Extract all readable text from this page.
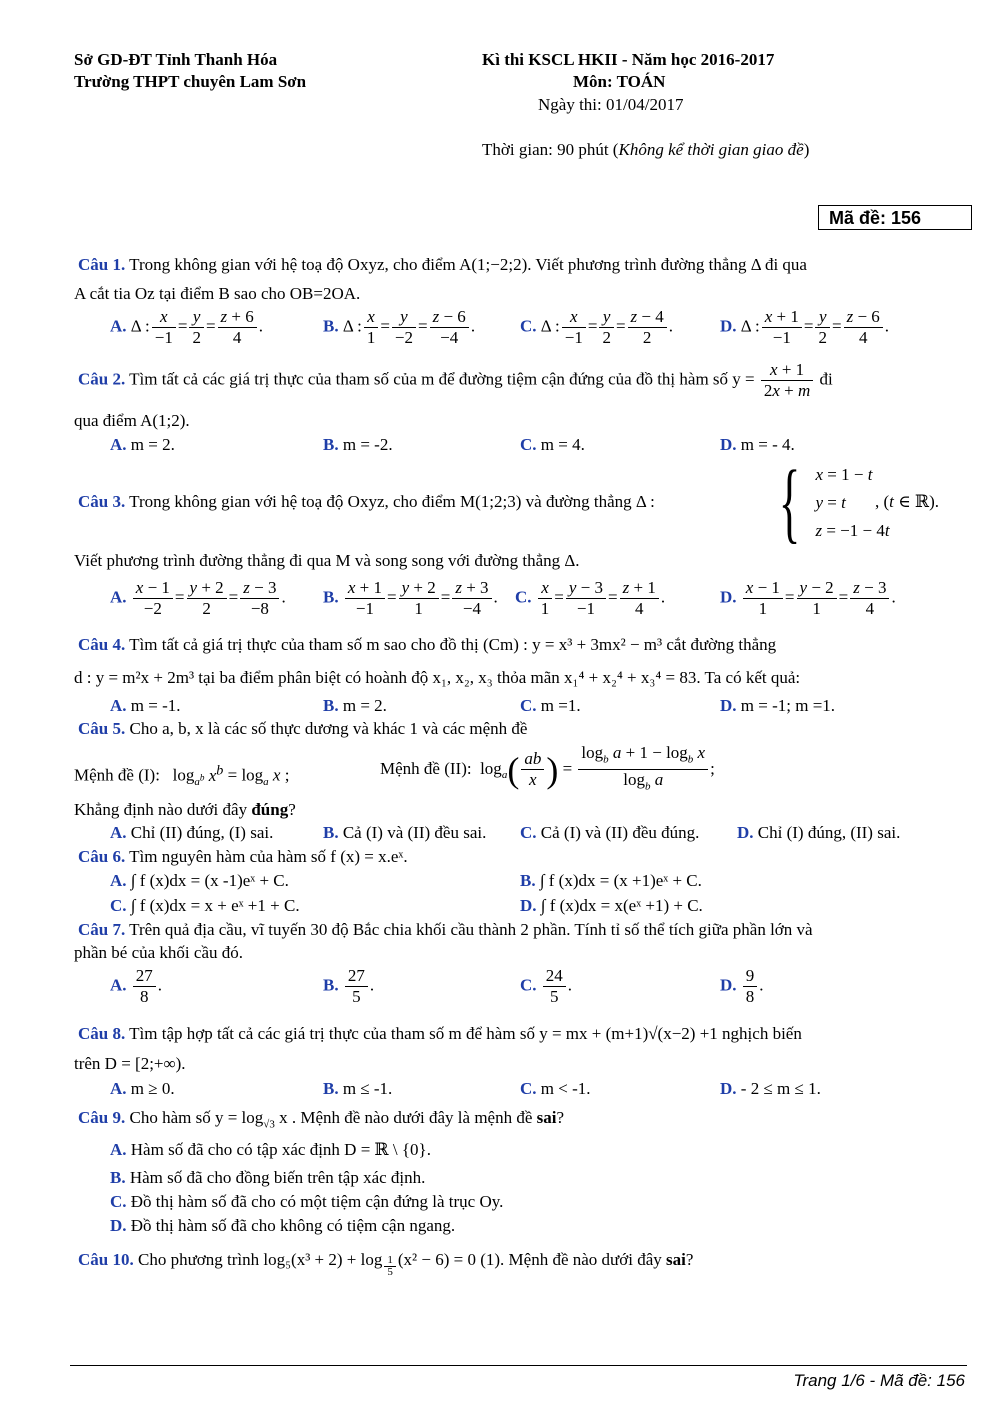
Sở GD-ĐT Tỉnh Thanh Hóa
Trường THPT chuyên Lam Sơn
Kì thi KSCL HKII - Năm học 2016-2017
Môn: TOÁN
Ngày thi: 01/04/2017
Thời gian: 90 phút (Không kể thời gian giao đề)
Mã đề: 156
Câu 1. Trong không gian với hệ toạ độ Oxyz, cho điểm A(1;−2;2). Viết phương trình đường thẳng Δ đi qua
A cắt tia Oz tại điểm B sao cho OB=2OA.
A. Δ : $\frac{x}{-1} = \frac{y}{2} = \frac{z + 6}{4}$ .	B. Δ : $\frac{x}{1} = \frac{y}{-2} = \frac{z - 6}{-4}$ .	C. Δ : $\frac{x}{-1} = \frac{y}{2} = \frac{z - 4}{2}$ .	D. Δ : $\frac{x + 1}{-1} = \frac{y}{2} = \frac{z - 6}{4}$ .
Câu 2. Tìm tất cả các giá trị thực của tham số của m để đường tiệm cận đứng của đồ thị hàm số $y = \frac{x + 1}{2x + m}$ đi
qua điểm A(1;2).
A. m = 2.	B. m = -2.	C. m = 4.	D. m = - 4.
Câu 3. Trong không gian với hệ toạ độ Oxyz, cho điểm M(1;2;3) và đường thẳng Δ : { x = 1 − t
y = t
z = −1 − 4t
, (t ∈ ℝ).
Viết phương trình đường thẳng đi qua M và song song với đường thẳng Δ.
A. $\frac{x - 1}{-2} = \frac{y + 2}{2} = \frac{z - 3}{-8}$ . B. $\frac{x + 1}{-1} = \frac{y + 2}{1} = \frac{z + 3}{-4}$ . C. $\frac{x}{1} = \frac{y - 3}{-1} = \frac{z + 1}{4}$ .	D. $\frac{x - 1}{1} = \frac{y - 2}{1} = \frac{z - 3}{4}$ .
Câu 4. Tìm tất cả giá trị thực của tham số m sao cho đồ thị (Cm) : y = x³ + 3mx² − m³ cắt đường thẳng
d : y = m²x + 2m³ tại ba điểm phân biệt có hoành độ x₁, x₂, x₃ thỏa mãn x₁⁴ + x₂⁴ + x₃⁴ = 83. Ta có kết quả:
A. m = -1.	B. m = 2.	C. m =1.	D. m = -1; m =1.
Câu 5. Cho a, b, x là các số thực dương và khác 1 và các mệnh đề
Mệnh đề (I):   $\log_{a^b} x^b = \log_a x$ ;	Mệnh đề (II):  $\log_a( \frac{ab}{x}$ ) = $\frac{\log_b a + 1 - \log_b x}{\log_b a}$ ;
Khẳng định nào dưới đây đúng?
A. Chỉ (II) đúng, (I) sai.	B. Cả (I) và (II) đều sai. C. Cả (I) và (II) đều đúng. D. Chỉ (I) đúng, (II) sai.
Câu 6. Tìm nguyên hàm của hàm số f (x) = x.eˣ.
A. ∫ f (x)dx = (x -1)eˣ + C.	B. ∫ f (x)dx = (x +1)eˣ + C.
C. ∫ f (x)dx = x + eˣ +1 + C.	D. ∫ f (x)dx = x(eˣ +1) + C.
Câu 7. Trên quả địa cầu, vĩ tuyến 30 độ Bắc chia khối cầu thành 2 phần. Tính tỉ số thể tích giữa phần lớn và
phần bé của khối cầu đó.
A. $\frac{27}{8}$ .	B. $\frac{27}{5}$ .	C. $\frac{24}{5}$ .	D. $\frac{9}{8}$ .
Câu 8. Tìm tập hợp tất cả các giá trị thực của tham số m để hàm số y = mx + (m+1)√(x−2) +1 nghịch biến
trên D = [2;+∞).
A. m ≥ 0.	B. m ≤ -1.	C. m < -1.	D. - 2 ≤ m ≤ 1.
Câu 9. Cho hàm số $y = \log_{√3} x$ . Mệnh đề nào dưới đây là mệnh đề sai?
A. Hàm số đã cho có tập xác định D = ℝ \ {0}.
B. Hàm số đã cho đồng biến trên tập xác định.
C. Đồ thị hàm số đã cho có một tiệm cận đứng là trục Oy.
D. Đồ thị hàm số đã cho không có tiệm cận ngang.
Câu 10. Cho phương trình log₅(x³ + 2) + log $_{\frac{1}{5}}$ (x² − 6) = 0 (1). Mệnh đề nào dưới đây sai?
Trang 1/6 - Mã đề: 156
